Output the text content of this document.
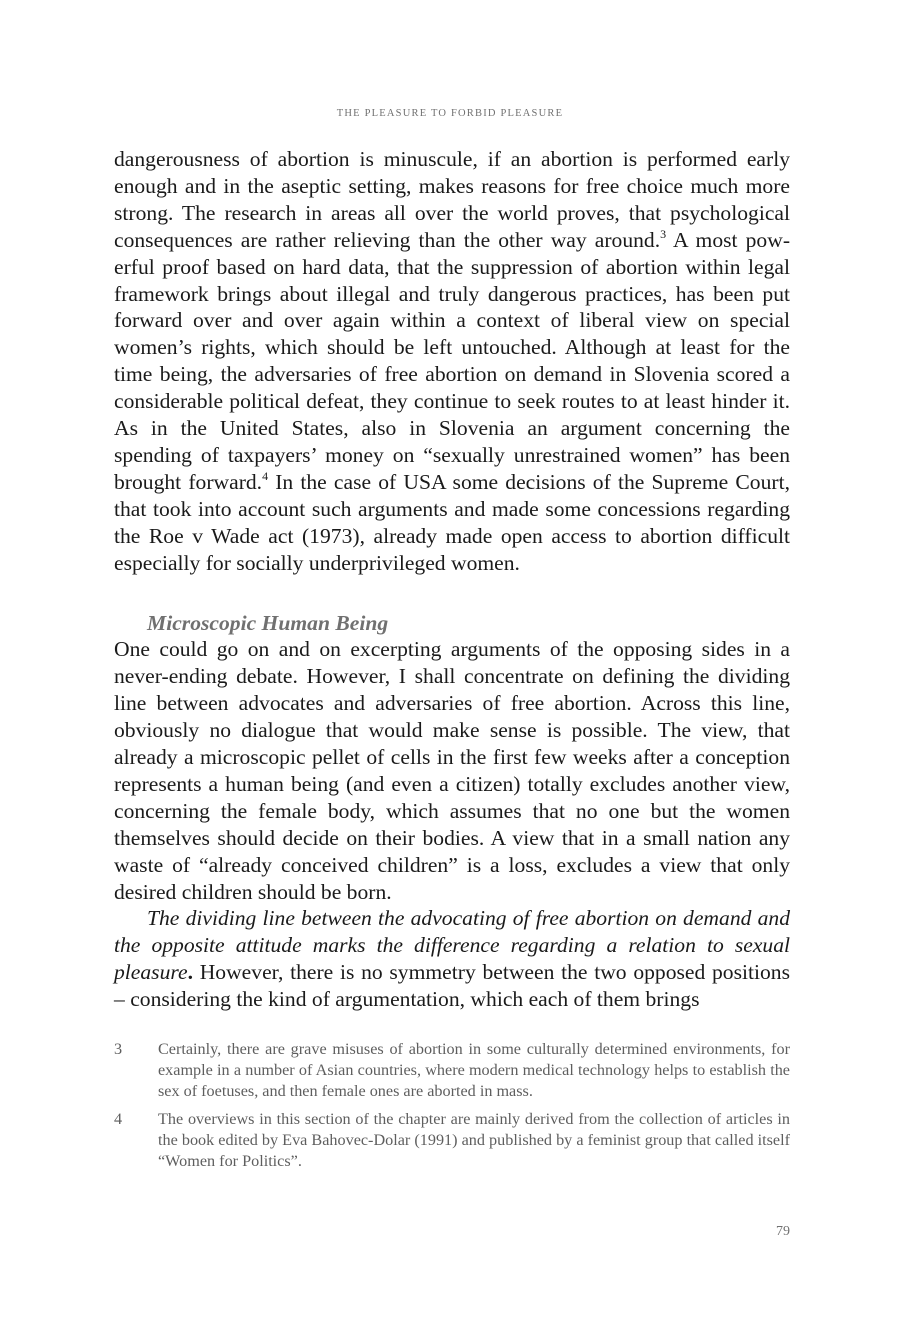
THE PLEASURE TO FORBID PLEASURE

dangerousness of abortion is minuscule, if an abortion is performed early enough and in the aseptic setting, makes reasons for free choice much more strong. The research in areas all over the world proves, that psychological consequences are rather relieving than the other way around.$^3$ A most powerful proof based on hard data, that the suppression of abortion within legal framework brings about illegal and truly dangerous practices, has been put forward over and over again within a context of liberal view on special women’s rights, which should be left untouched. Although at least for the time being, the adversaries of free abortion on demand in Slovenia scored a considerable political defeat, they continue to seek routes to at least hinder it. As in the United States, also in Slovenia an argument concerning the spending of taxpayers’ money on “sexually unrestrained women” has been brought forward.$^4$ In the case of USA some decisions of the Supreme Court, that took into account such arguments and made some concessions regarding the Roe v Wade act (1973), already made open access to abortion difficult especially for socially underprivileged women.

Microscopic Human Being

One could go on and on excerpting arguments of the opposing sides in a never-ending debate. However, I shall concentrate on defining the dividing line between advocates and adversaries of free abortion. Across this line, obviously no dialogue that would make sense is possible. The view, that already a microscopic pellet of cells in the first few weeks after a conception represents a human being (and even a citizen) totally excludes another view, concerning the female body, which assumes that no one but the women themselves should decide on their bodies. A view that in a small nation any waste of “already conceived children” is a loss, excludes a view that only desired children should be born.

The dividing line between the advocating of free abortion on demand and the opposite attitude marks the difference regarding a relation to sexual pleasure. However, there is no symmetry between the two opposed positions – considering the kind of argumentation, which each of them brings

3	Certainly, there are grave misuses of abortion in some culturally determined environments, for example in a number of Asian countries, where modern medical technology helps to establish the sex of foetuses, and then female ones are aborted in mass.
4	The overviews in this section of the chapter are mainly derived from the collection of articles in the book edited by Eva Bahovec-Dolar (1991) and published by a feminist group that called itself “Women for Politics”.
79
